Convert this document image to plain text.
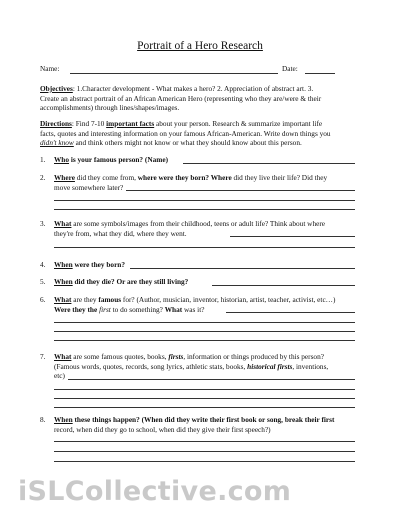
Portrait of a Hero Research
Name:	Date:
Objectives: 1.Character development - What makes a hero? 2. Appreciation of abstract art. 3.
Create an abstract portrait of an African American Hero (representing who they are/were & their
accomplishments) through lines/shapes/images.
Directions: Find 7-10 important facts about your person. Research & summarize important life
facts, quotes and interesting information on your famous African-American. Write down things you
didn't know and think others might not know or what they should know about this person.
1. Who is your famous person? (Name)
2. Where did they come from, where were they born? Where did they live their life? Did they
move somewhere later?
3. What are some symbols/images from their childhood, teens or adult life? Think about where
they're from, what they did, where they went.
4. When were they born?
5. When did they die? Or are they still living?
6. What are they famous for? (Author, musician, inventor, historian, artist, teacher, activist, etc…)
Were they the first to do something? What was it?
7. What are some famous quotes, books, firsts, information or things produced by this person?
(Famous words, quotes, records, song lyrics, athletic stats, books, historical firsts, inventions,
etc)
8. When these things happen? (When did they write their first book or song, break their first
record, when did they go to school, when did they give their first speech?)
iSLCollective.com
